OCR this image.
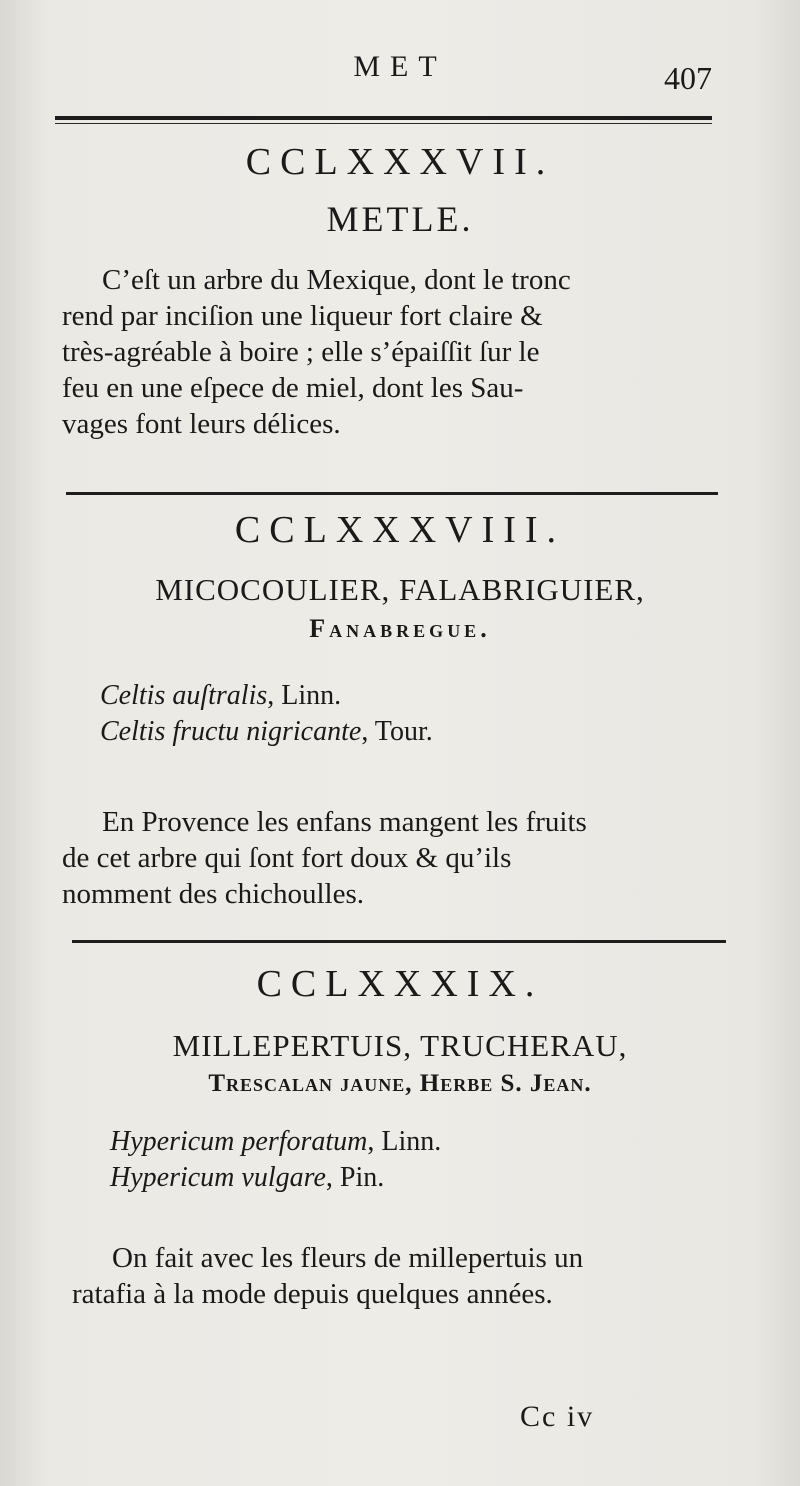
MET	407
CCLXXXVII.
METLE.
C’eſt un arbre du Mexique, dont le tronc
rend par inciſion une liqueur fort claire &
très-agréable à boire ; elle s’épaiſſit ſur le
feu en une eſpece de miel, dont les Sau-
vages font leurs délices.
CCLXXXVIII.
MICOCOULIER, FALABRIGUIER,
Fanabregue.
Celtis auſtralis, Linn.
Celtis fructu nigricante, Tour.
En Provence les enfans mangent les fruits
de cet arbre qui ſont fort doux & qu’ils
nomment des chichoulles.
CCLXXXIX.
MILLEPERTUIS, TRUCHERAU,
Trescalan jaune, Herbe S. Jean.
Hypericum perforatum, Linn.
Hypericum vulgare, Pin.
On fait avec les fleurs de millepertuis un
ratafia à la mode depuis quelques années.
Cc iv
